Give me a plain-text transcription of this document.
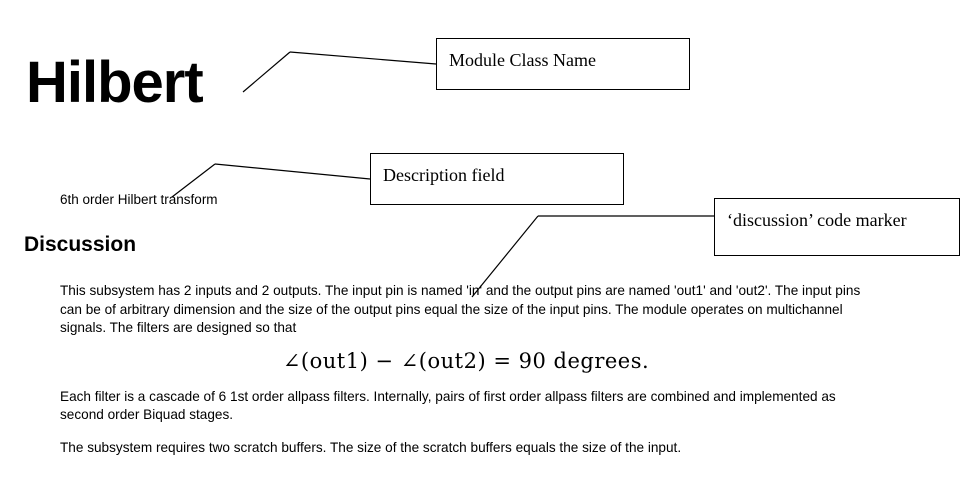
Hilbert
6th order Hilbert transform
Discussion

This subsystem has 2 inputs and 2 outputs. The input pin is named 'in' and the output pins are named 'out1' and 'out2'. The input pins can be of arbitrary dimension and the size of the output pins equal the size of the input pins. The module operates on multichannel signals. The filters are designed so that

∠(out1) − ∠(out2) = 90 degrees.

Each filter is a cascade of 6 1st order allpass filters. Internally, pairs of first order allpass filters are combined and implemented as second order Biquad stages.

The subsystem requires two scratch buffers. The size of the scratch buffers equals the size of the input.

Module Class Name
Description field
‘discussion’ code marker
